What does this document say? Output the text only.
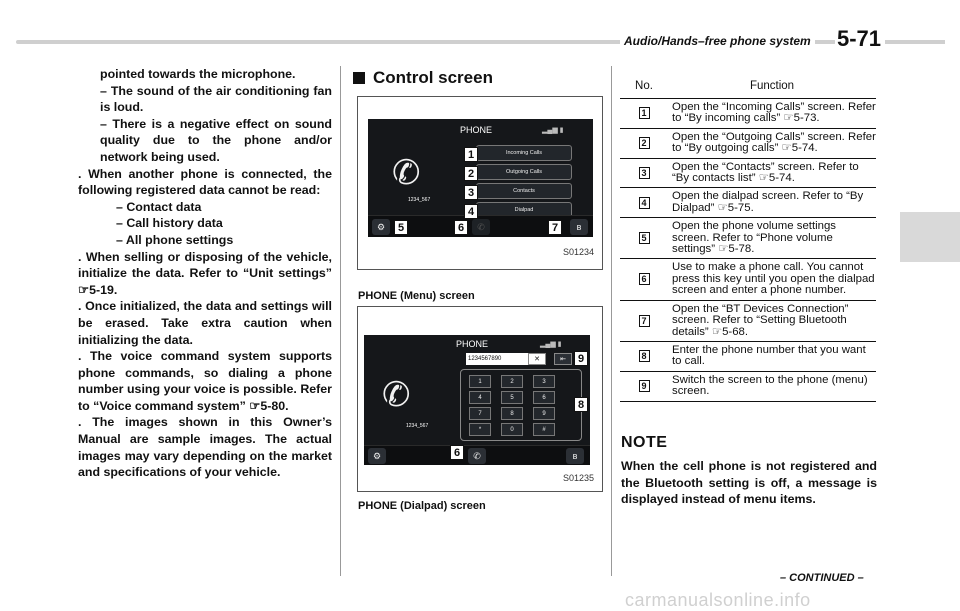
Audio/Hands–free phone system 5-71

pointed towards the microphone.

– The sound of the air conditioning fan is loud.

– There is a negative effect on sound quality due to the phone and/or network being used.

. When another phone is connected, the following registered data cannot be read:

– Contact data

– Call history data

– All phone settings

. When selling or disposing of the vehicle, initialize the data. Refer to “Unit settings” ☞5-19.

. Once initialized, the data and settings will be erased. Take extra caution when initializing the data.

. The voice command system supports phone commands, so dialing a phone number using your voice is possible. Refer to “Voice command system” ☞5-80.

. The images shown in this Owner’s Manual are sample images. The actual images may vary depending on the market and specifications of your vehicle.

Control screen
PHONE	▂▄▆ ▮
✆
1234_567
Incoming Calls
Outgoing Calls
Contacts
Dialpad
⚙	✆	ʙ
1
2
3
4
5	6	7
S01234
PHONE (Menu) screen
PHONE	▂▄▆ ▮
✆
1234_567
1234567890	✕	⇤
1	2	3
4	5	6
7	8	9
*	0	#
⚙	✆	ʙ
9
8
6
S01235
PHONE (Dialpad) screen
No.	Function
1	Open the “Incoming Calls” screen. Refer to “By incoming calls” ☞5-73.
2	Open the “Outgoing Calls” screen. Refer to “By outgoing calls” ☞5-74.
3	Open the “Contacts” screen. Refer to “By contacts list” ☞5-74.
4	Open the dialpad screen. Refer to “By Dialpad” ☞5-75.
5	Open the phone volume settings screen. Refer to “Phone volume settings” ☞5-78.
6	Use to make a phone call. You cannot press this key until you open the dialpad screen and enter a phone number.
7	Open the “BT Devices Connection” screen. Refer to “Setting Bluetooth details” ☞5-68.
8	Enter the phone number that you want to call.
9	Switch the screen to the phone (menu) screen.
NOTE
When the cell phone is not registered and the Bluetooth setting is off, a message is displayed instead of menu items.
– CONTINUED –
carmanualsonline.info
